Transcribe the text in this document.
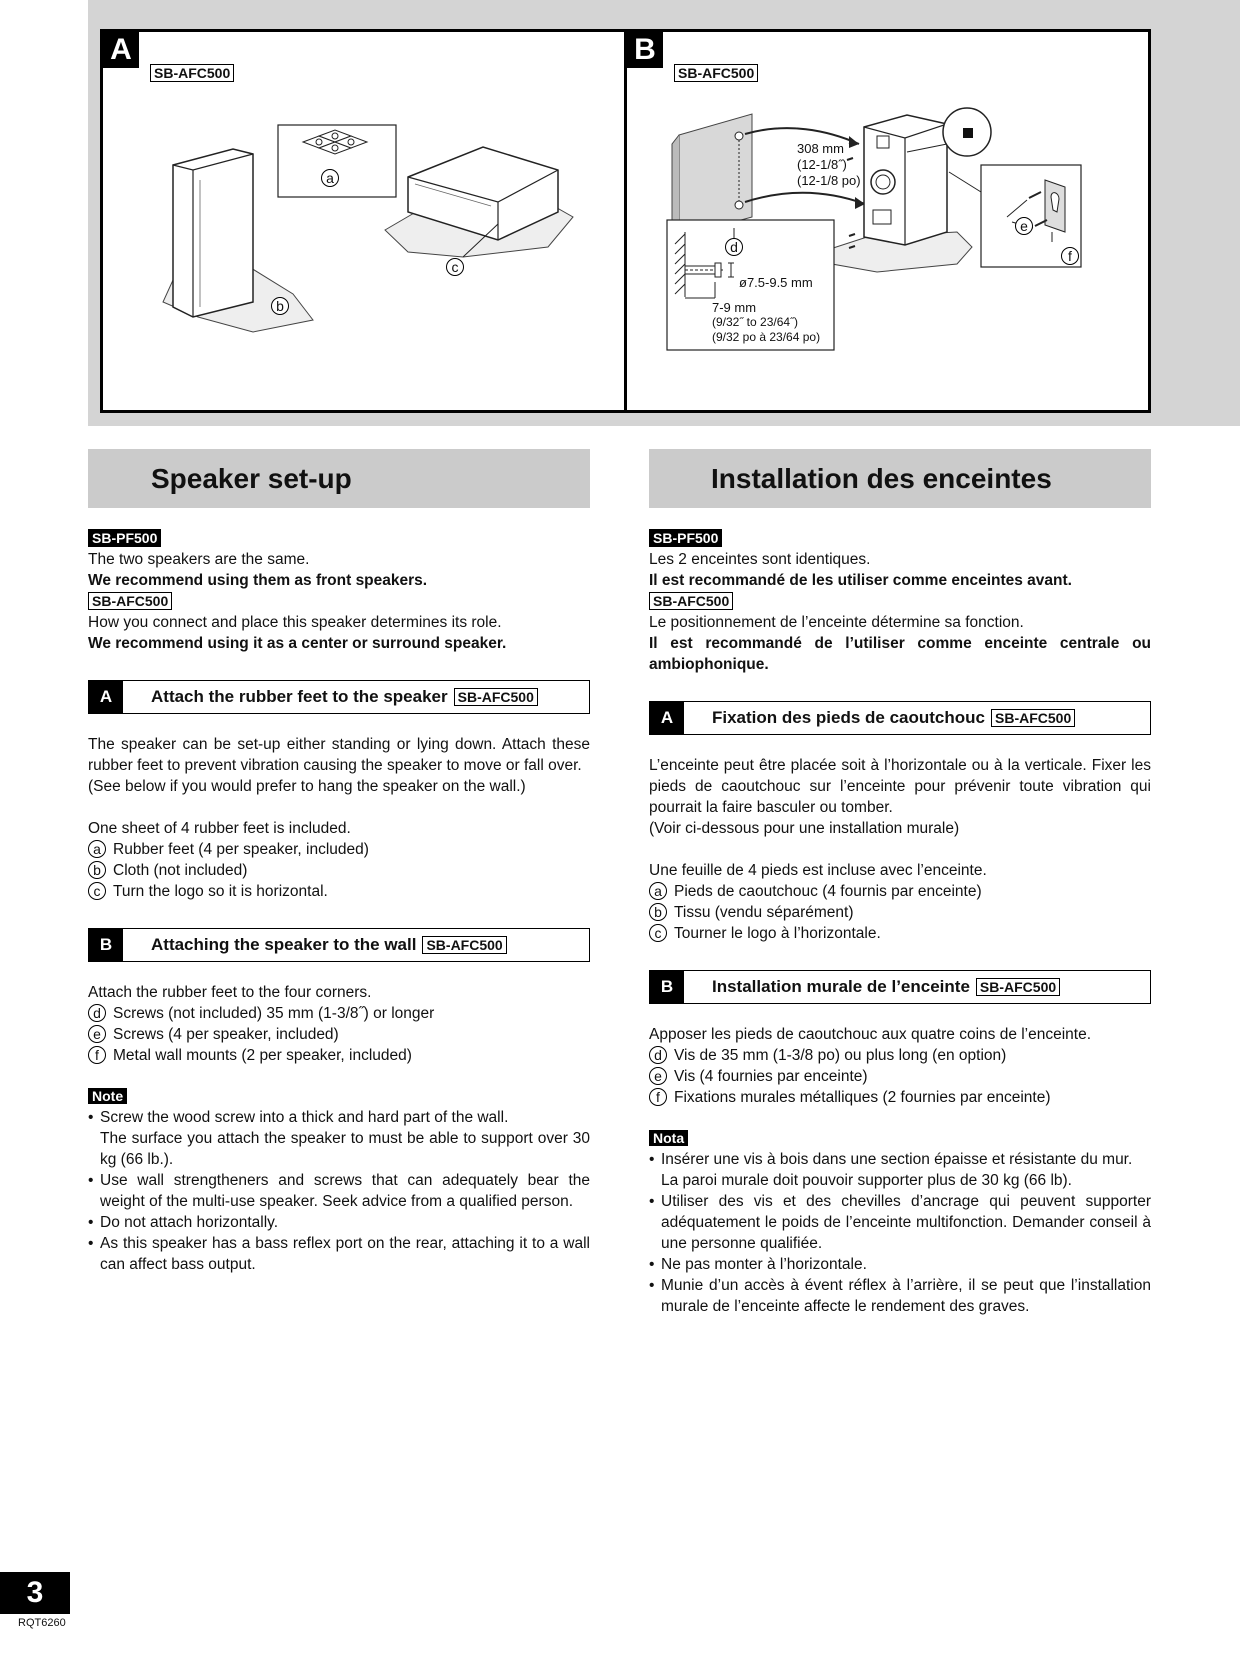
A
SB-AFC500
a
b
c
B
SB-AFC500
308 mm
(12-1/8˝)
(12-1/8 po)
ø7.5-9.5 mm
7-9 mm
(9/32˝ to 23/64˝)
(9/32 po à 23/64 po)
d
e
f
Speaker set-up
SB-PF500

The two speakers are the same.

We recommend using them as front speakers.

SB-AFC500

How you connect and place this speaker determines its role.

We recommend using it as a center or surround speaker.

A	Attach the rubber feet to the speaker SB-AFC500

The speaker can be set-up either standing or lying down. Attach these rubber feet to prevent vibration causing the speaker to move or fall over.

(See below if you would prefer to hang the speaker on the wall.)

One sheet of 4 rubber feet is included.

a Rubber feet (4 per speaker, included)
b Cloth (not included)
c Turn the logo so it is horizontal.
B	Attaching the speaker to the wall SB-AFC500

Attach the rubber feet to the four corners.

d Screws (not included) 35 mm (1-3/8˝) or longer
e Screws (4 per speaker, included)
f Metal wall mounts (2 per speaker, included)
Note
• Screw the wood screw into a thick and hard part of the wall.
The surface you attach the speaker to must be able to support over 30 kg (66 lb.).
• Use wall strengtheners and screws that can adequately bear the weight of the multi-use speaker. Seek advice from a qualified person.
• Do not attach horizontally.
• As this speaker has a bass reflex port on the rear, attaching it to a wall can affect bass output.
Installation des enceintes
SB-PF500

Les 2 enceintes sont identiques.

Il est recommandé de les utiliser comme enceintes avant.

SB-AFC500

Le positionnement de l’enceinte détermine sa fonction.

Il est recommandé de l’utiliser comme enceinte centrale ou ambiophonique.

A	Fixation des pieds de caoutchouc SB-AFC500

L’enceinte peut être placée soit à l’horizontale ou à la verticale. Fixer les pieds de caoutchouc sur l’enceinte pour prévenir toute vibration qui pourrait la faire basculer ou tomber.

(Voir ci-dessous pour une installation murale)

Une feuille de 4 pieds est incluse avec l’enceinte.

a Pieds de caoutchouc (4 fournis par enceinte)
b Tissu (vendu séparément)
c Tourner le logo à l’horizontale.
B	Installation murale de l’enceinte SB-AFC500

Apposer les pieds de caoutchouc aux quatre coins de l’enceinte.

d Vis de 35 mm (1-3/8 po) ou plus long (en option)
e Vis (4 fournies par enceinte)
f Fixations murales métalliques (2 fournies par enceinte)
Nota
• Insérer une vis à bois dans une section épaisse et résistante du mur.
La paroi murale doit pouvoir supporter plus de 30 kg (66 lb).
• Utiliser des vis et des chevilles d’ancrage qui peuvent supporter adéquatement le poids de l’enceinte multifonction. Demander conseil à une personne qualifiée.
• Ne pas monter à l’horizontale.
• Munie d’un accès à évent réflex à l’arrière, il se peut que l’installation murale de l’enceinte affecte le rendement des graves.
3
RQT6260
